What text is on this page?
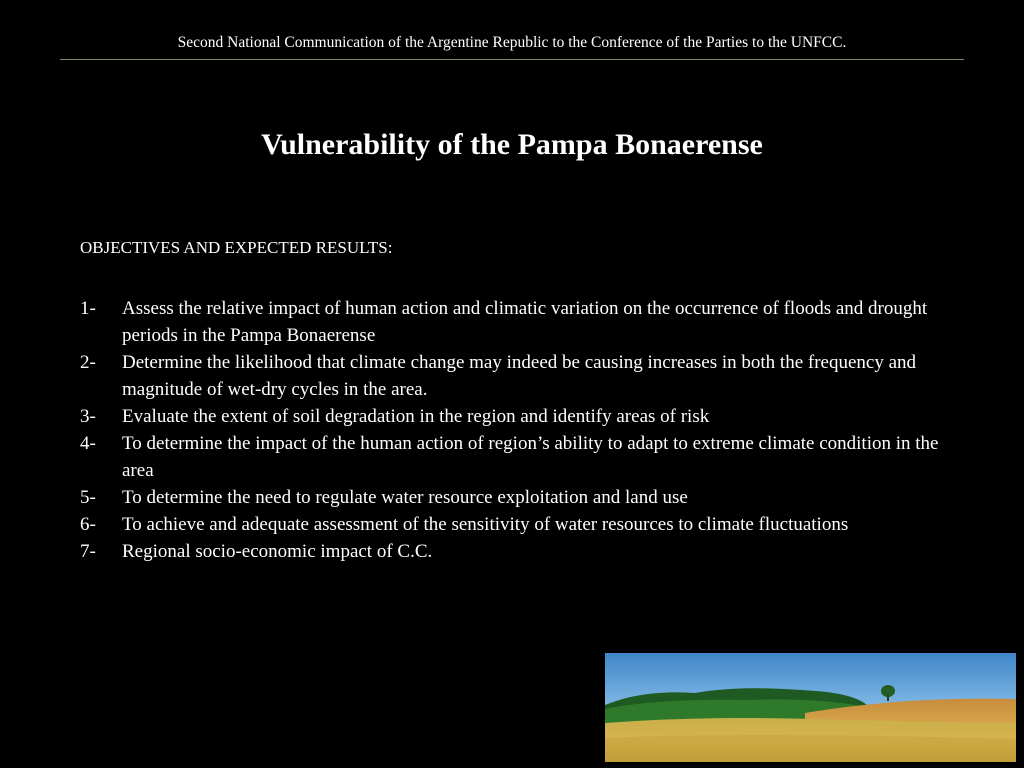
Second National Communication of the Argentine Republic to the Conference of the Parties to the UNFCC.
Vulnerability of the Pampa Bonaerense
OBJECTIVES AND EXPECTED RESULTS:
1-	Assess the relative impact of human action and climatic variation on the occurrence of floods and drought periods in the Pampa Bonaerense
2-	Determine the likelihood that climate change may indeed be causing increases in both the frequency and magnitude of wet-dry cycles in the area.
3-	Evaluate the extent of soil degradation in the region and identify areas of risk
4-	To determine the impact of the human action of region’s ability to adapt to extreme climate condition in the area
5-	To determine the need to regulate water resource exploitation and land use
6-	To achieve and adequate assessment of the sensitivity of water resources to climate fluctuations
7-	Regional socio-economic impact of C.C.
